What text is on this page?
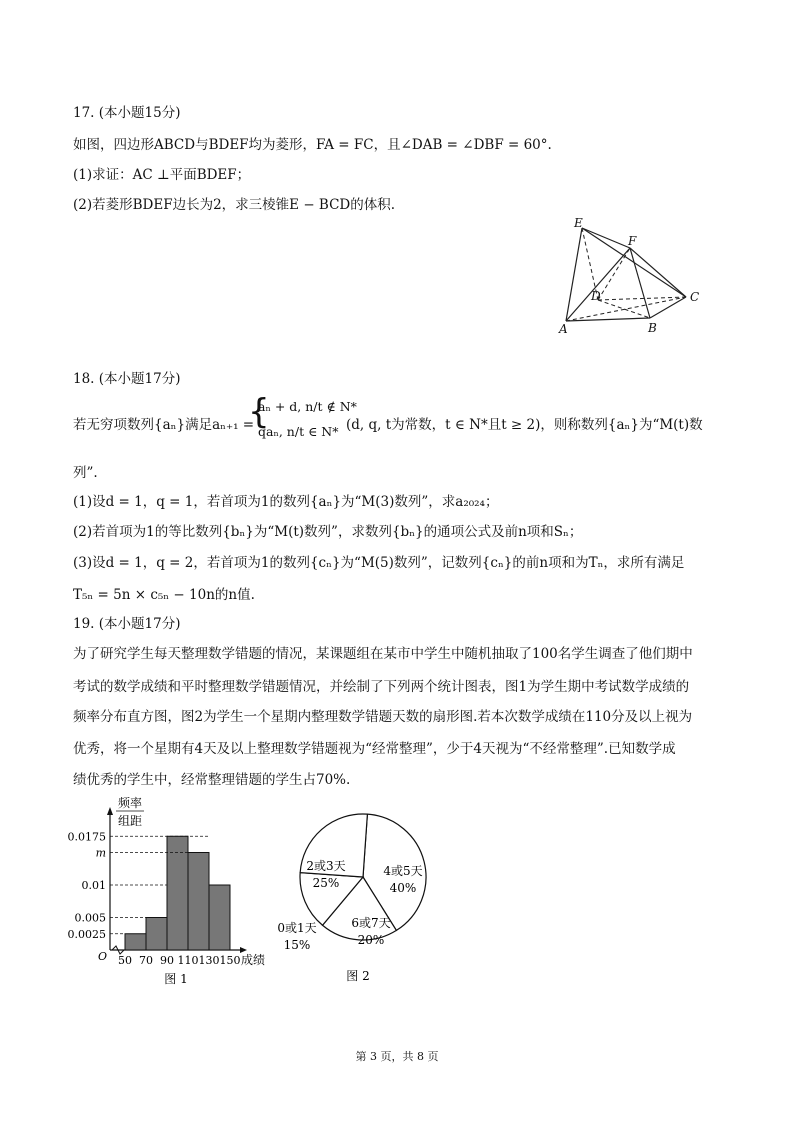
17. (本小题15分)
如图，四边形ABCD与BDEF均为菱形，FA = FC，且∠DAB = ∠DBF = 60°.
(1)求证：AC ⊥平面BDEF；
(2)若菱形BDEF边长为2，求三棱锥E − BCD的体积.
E
F
D	C
A	B
18. (本小题17分)
若无穷项数列{aₙ}满足aₙ₊₁ =
{
aₙ + d, n/t ∉ N*
qaₙ, n/t ∈ N* (d, q, t为常数，t ∈ N*且t ≥ 2)，则称数列{aₙ}为“M(t)数
列”.
(1)设d = 1，q = 1，若首项为1的数列{aₙ}为“M(3)数列”，求a₂₀₂₄；
(2)若首项为1的等比数列{bₙ}为“M(t)数列”，求数列{bₙ}的通项公式及前n项和Sₙ；
(3)设d = 1，q = 2，若首项为1的数列{cₙ}为“M(5)数列”，记数列{cₙ}的前n项和为Tₙ，求所有满足
T₅ₙ = 5n × c₅ₙ − 10n的n值.
19. (本小题17分)
为了研究学生每天整理数学错题的情况，某课题组在某市中学生中随机抽取了100名学生调查了他们期中
考试的数学成绩和平时整理数学错题情况，并绘制了下列两个统计图表，图1为学生期中考试数学成绩的
频率分布直方图，图2为学生一个星期内整理数学错题天数的扇形图.若本次数学成绩在110分及以上视为
优秀，将一个星期有4天及以上整理数学错题视为“经常整理”，少于4天视为“不经常整理”.已知数学成
绩优秀的学生中，经常整理错题的学生占70%.
频率
组距
0.0025
0.005
0.01
m
0.0175
O 50 70 90 110 130 150 成绩
图 1
4或5天
40%
6或7天
20%
0或1天
15%
2或3天
25%
图 2
第 3 页，共 8 页
